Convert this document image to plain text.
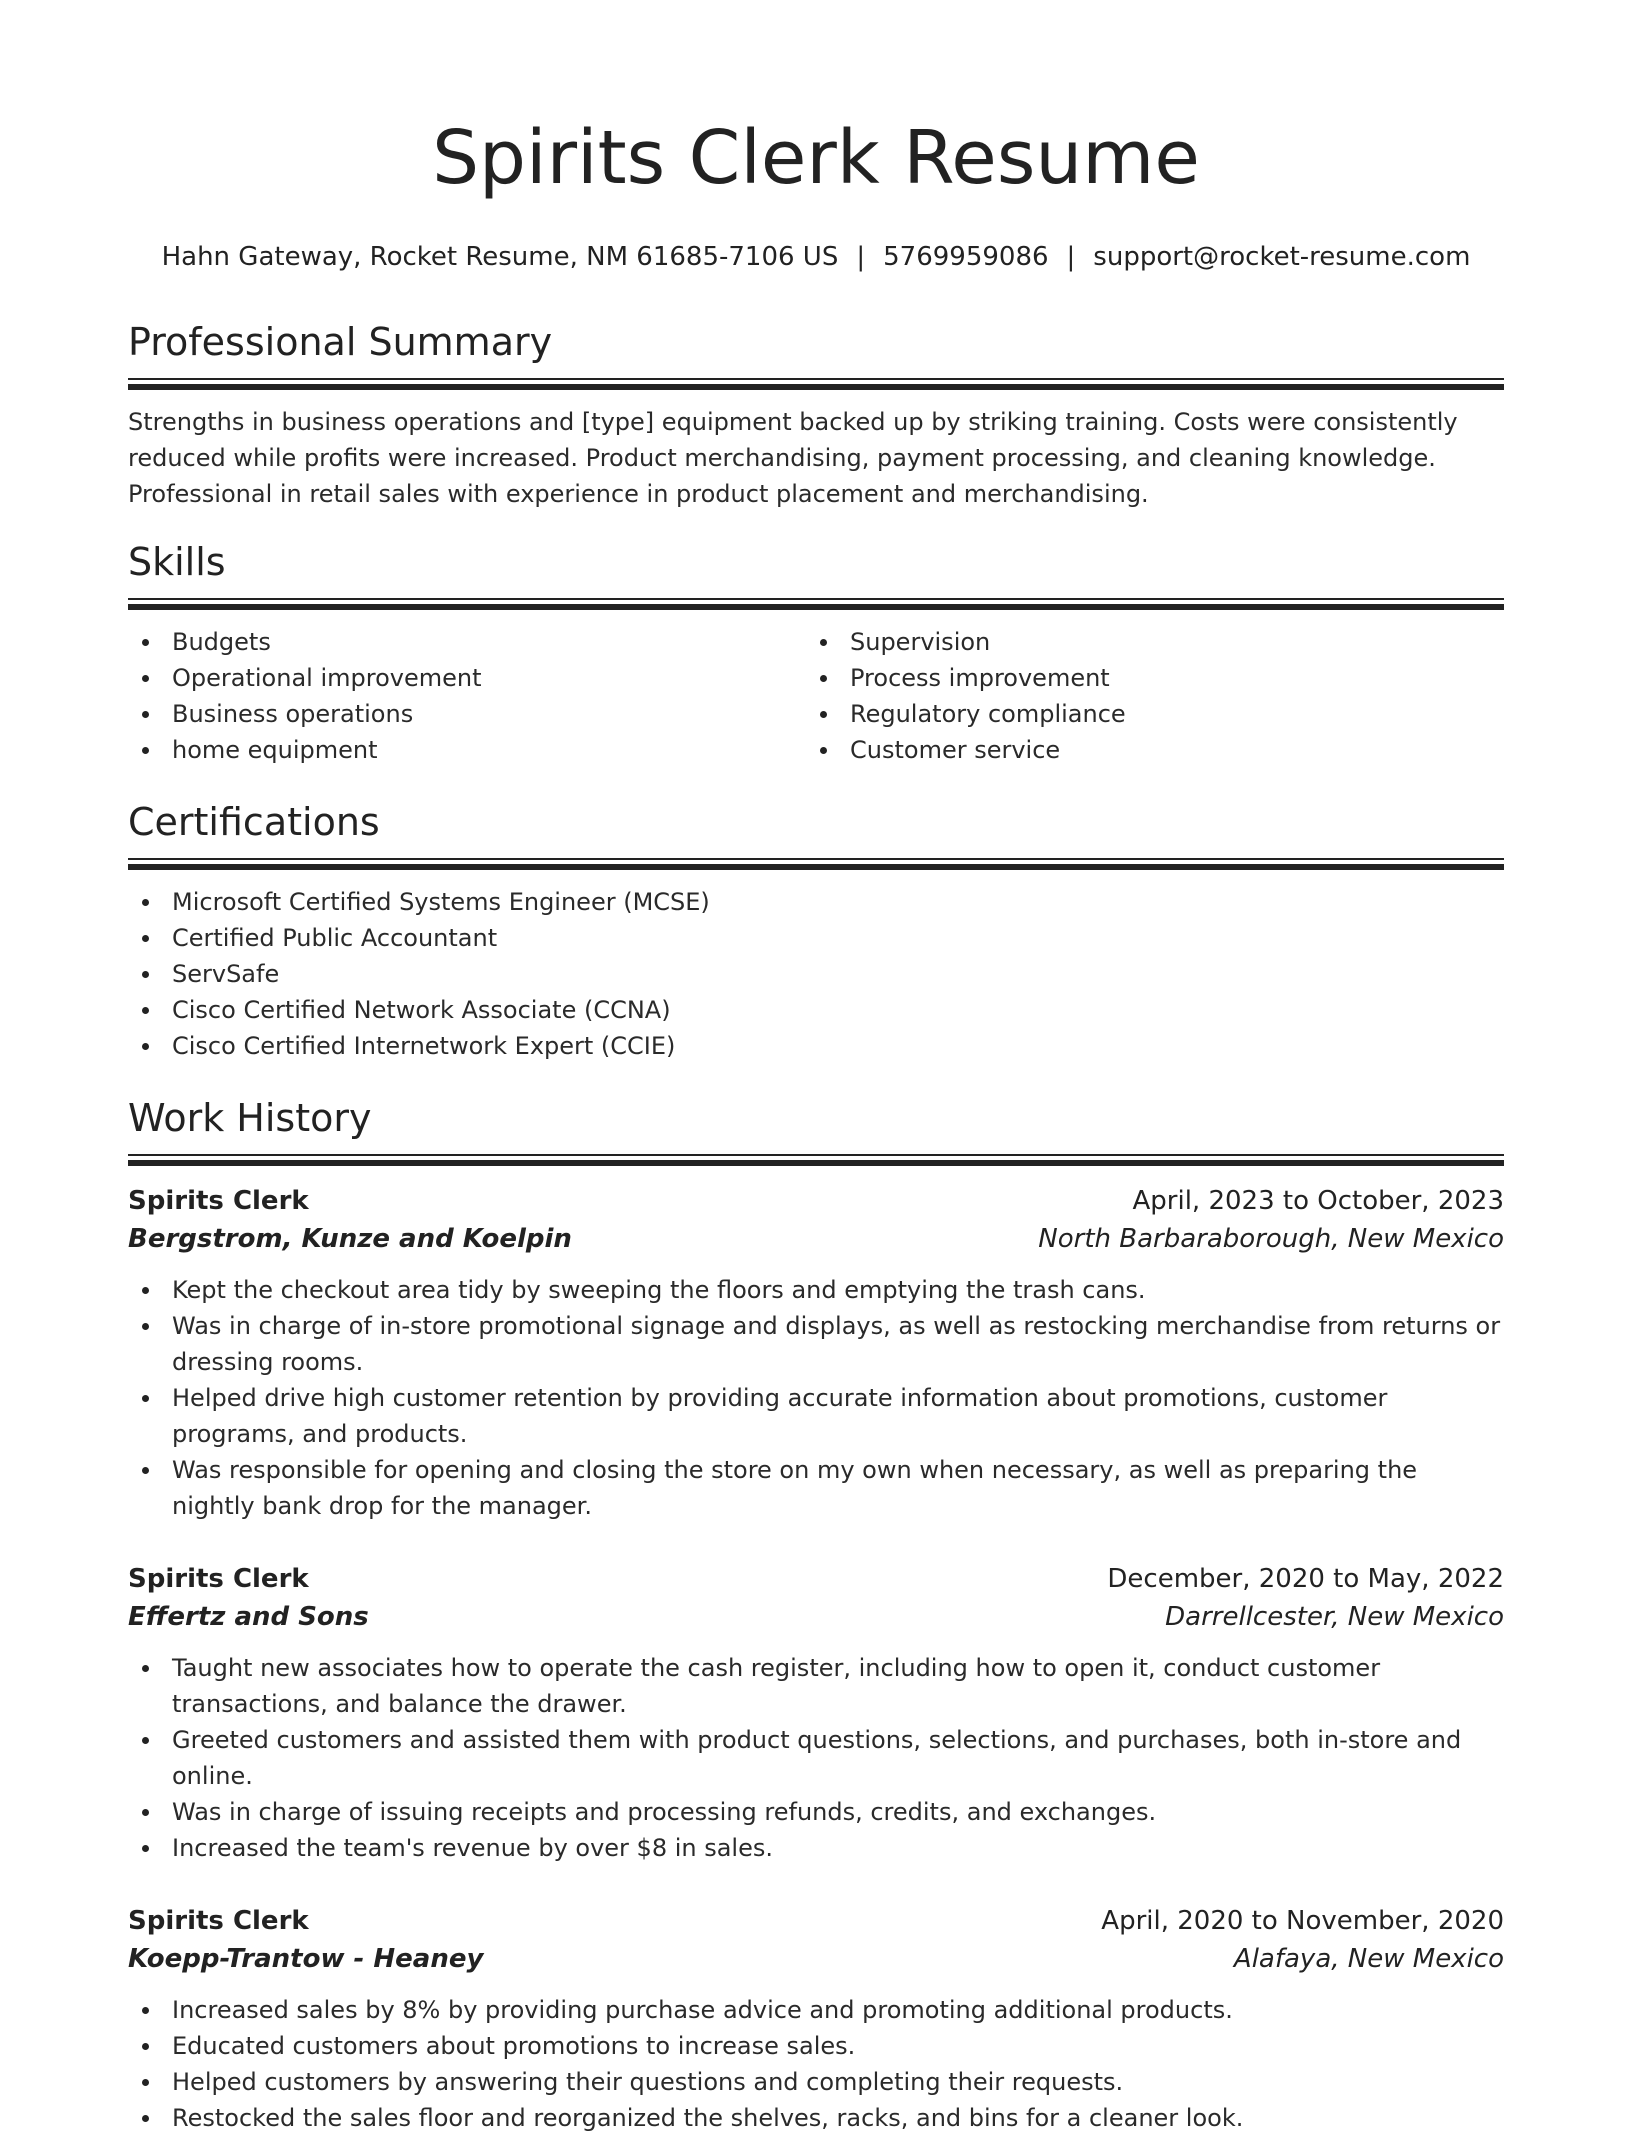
Spirits Clerk Resume
Hahn Gateway, Rocket Resume, NM 61685-7106 US | 5769959086 | support@rocket-resume.com
Professional Summary

Strengths in business operations and [type] equipment backed up by striking training. Costs were consistently reduced while profits were increased. Product merchandising, payment processing, and cleaning knowledge. Professional in retail sales with experience in product placement and merchandising.

Skills
Budgets
Operational improvement
Business operations
home equipment
Supervision
Process improvement
Regulatory compliance
Customer service
Certifications
Microsoft Certified Systems Engineer (MCSE)
Certified Public Accountant
ServSafe
Cisco Certified Network Associate (CCNA)
Cisco Certified Internetwork Expert (CCIE)
Work History
Spirits Clerk	April, 2023 to October, 2023
Bergstrom, Kunze and Koelpin	North Barbaraborough, New Mexico
Kept the checkout area tidy by sweeping the floors and emptying the trash cans.
Was in charge of in-store promotional signage and displays, as well as restocking merchandise from returns or dressing rooms.
Helped drive high customer retention by providing accurate information about promotions, customer programs, and products.
Was responsible for opening and closing the store on my own when necessary, as well as preparing the nightly bank drop for the manager.
Spirits Clerk	December, 2020 to May, 2022
Effertz and Sons	Darrellcester, New Mexico
Taught new associates how to operate the cash register, including how to open it, conduct customer transactions, and balance the drawer.
Greeted customers and assisted them with product questions, selections, and purchases, both in-store and online.
Was in charge of issuing receipts and processing refunds, credits, and exchanges.
Increased the team's revenue by over $8 in sales.
Spirits Clerk	April, 2020 to November, 2020
Koepp-Trantow - Heaney	Alafaya, New Mexico
Increased sales by 8% by providing purchase advice and promoting additional products.
Educated customers about promotions to increase sales.
Helped customers by answering their questions and completing their requests.
Restocked the sales floor and reorganized the shelves, racks, and bins for a cleaner look.
